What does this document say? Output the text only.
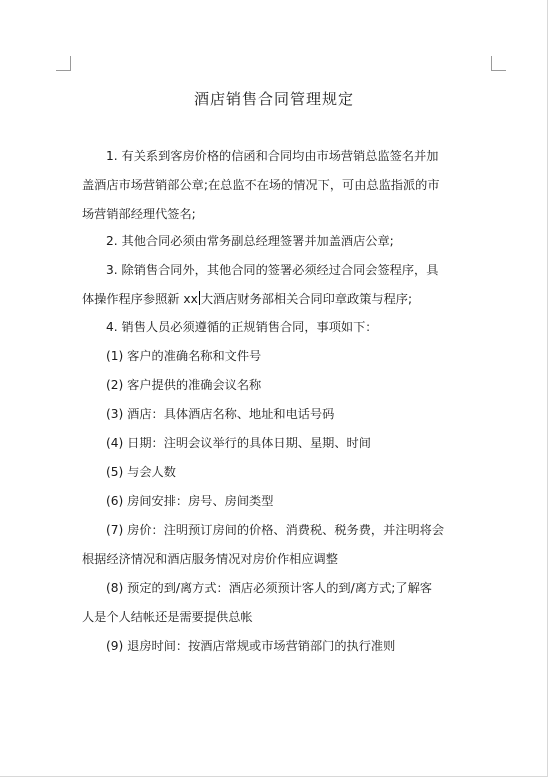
酒店销售合同管理规定
1. 有关系到客房价格的信函和合同均由市场营销总监签名并加
盖酒店市场营销部公章;在总监不在场的情况下，可由总监指派的市
场营销部经理代签名;
2. 其他合同必须由常务副总经理签署并加盖酒店公章;
3. 除销售合同外，其他合同的签署必须经过合同会签程序，具
体操作程序参照新 xx 大酒店财务部相关合同印章政策与程序;
4. 销售人员必须遵循的正规销售合同，事项如下：
(1) 客户的准确名称和文件号
(2) 客户提供的准确会议名称
(3) 酒店：具体酒店名称、地址和电话号码
(4) 日期：注明会议举行的具体日期、星期、时间
(5) 与会人数
(6) 房间安排：房号、房间类型
(7) 房价：注明预订房间的价格、消费税、税务费，并注明将会
根据经济情况和酒店服务情况对房价作相应调整
(8) 预定的到/离方式：酒店必须预计客人的到/离方式;了解客
人是个人结帐还是需要提供总帐
(9) 退房时间：按酒店常规或市场营销部门的执行准则
